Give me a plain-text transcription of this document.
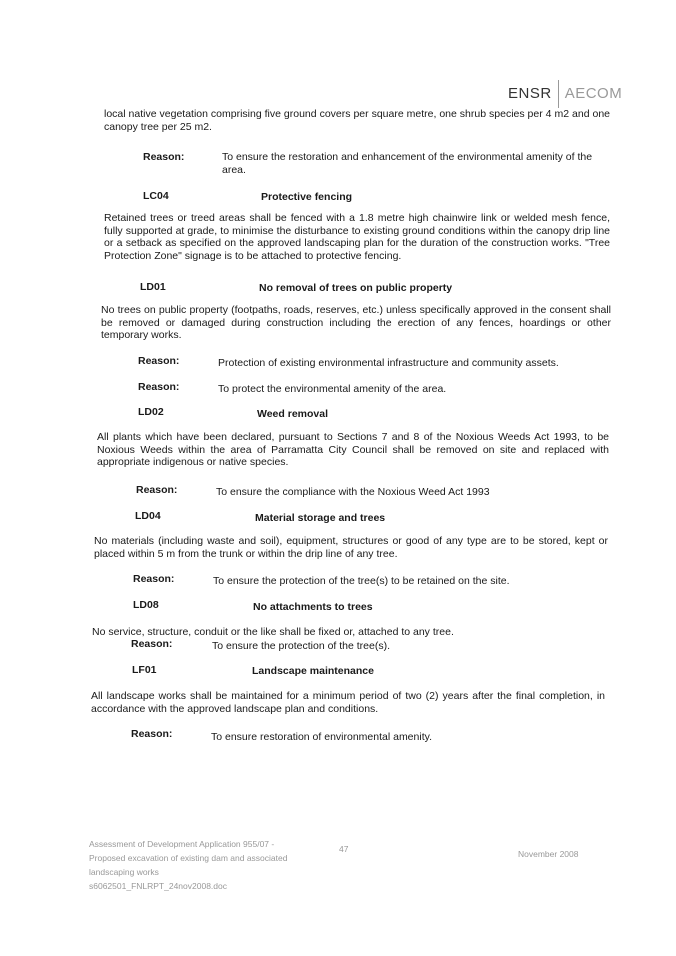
ENSR AECOM
local native vegetation comprising five ground covers per square metre, one shrub species per 4 m2 and one canopy tree per 25 m2.
Reason:	To ensure the restoration and enhancement of the environmental amenity of the area.
LC04	Protective fencing
Retained trees or treed areas shall be fenced with a 1.8 metre high chainwire link or welded mesh fence, fully supported at grade, to minimise the disturbance to existing ground conditions within the canopy drip line or a setback as specified on the approved landscaping plan for the duration of the construction works. "Tree Protection Zone" signage is to be attached to protective fencing.
LD01	No removal of trees on public property
No trees on public property (footpaths, roads, reserves, etc.) unless specifically approved in the consent shall be removed or damaged during construction including the erection of any fences, hoardings or other temporary works.
Reason:	Protection of existing environmental infrastructure and community assets.
Reason:	To protect the environmental amenity of the area.
LD02	Weed removal
All plants which have been declared, pursuant to Sections 7 and 8 of the Noxious Weeds Act 1993, to be Noxious Weeds within the area of Parramatta City Council shall be removed on site and replaced with appropriate indigenous or native species.
Reason:	To ensure the compliance with the Noxious Weed Act 1993
LD04	Material storage and trees
No materials (including waste and soil), equipment, structures or good of any type are to be stored, kept or placed within 5 m from the trunk or within the drip line of any tree.
Reason:	To ensure the protection of the tree(s) to be retained on the site.
LD08	No attachments to trees
No service, structure, conduit or the like shall be fixed or, attached to any tree.
Reason:	To ensure the protection of the tree(s).
LF01	Landscape maintenance
All landscape works shall be maintained for a minimum period of two (2) years after the final completion, in accordance with the approved landscape plan and conditions.
Reason:	To ensure restoration of environmental amenity.
Assessment of Development Application 955/07 -
Proposed excavation of existing dam and associated
landscaping works
s6062501_FNLRPT_24nov2008.doc
47	November 2008
